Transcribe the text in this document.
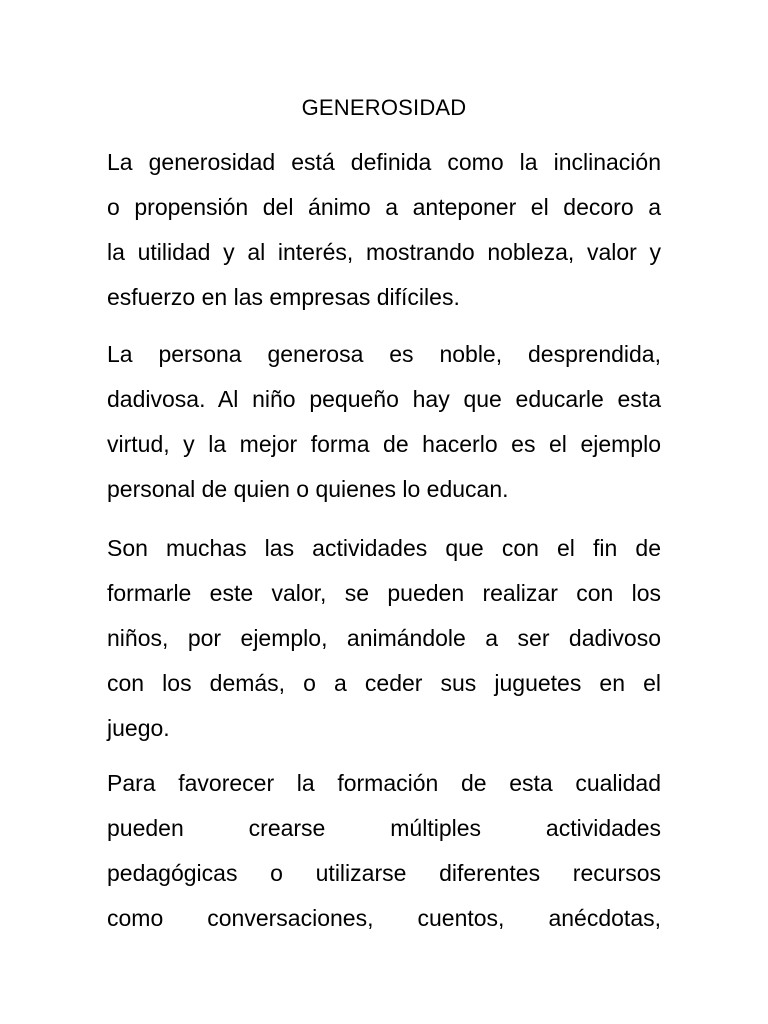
GENEROSIDAD
La generosidad está definida como la inclinación
o propensión del ánimo a anteponer el decoro a
la utilidad y al interés, mostrando nobleza, valor y
esfuerzo en las empresas difíciles.
La persona generosa es noble, desprendida,
dadivosa. Al niño pequeño hay que educarle esta
virtud, y la mejor forma de hacerlo es el ejemplo
personal de quien o quienes lo educan.
Son muchas las actividades que con el fin de
formarle este valor, se pueden realizar con los
niños, por ejemplo, animándole a ser dadivoso
con los demás, o a ceder sus juguetes en el
juego.
Para favorecer la formación de esta cualidad
pueden crearse múltiples actividades
pedagógicas o utilizarse diferentes recursos
como conversaciones, cuentos, anécdotas,
